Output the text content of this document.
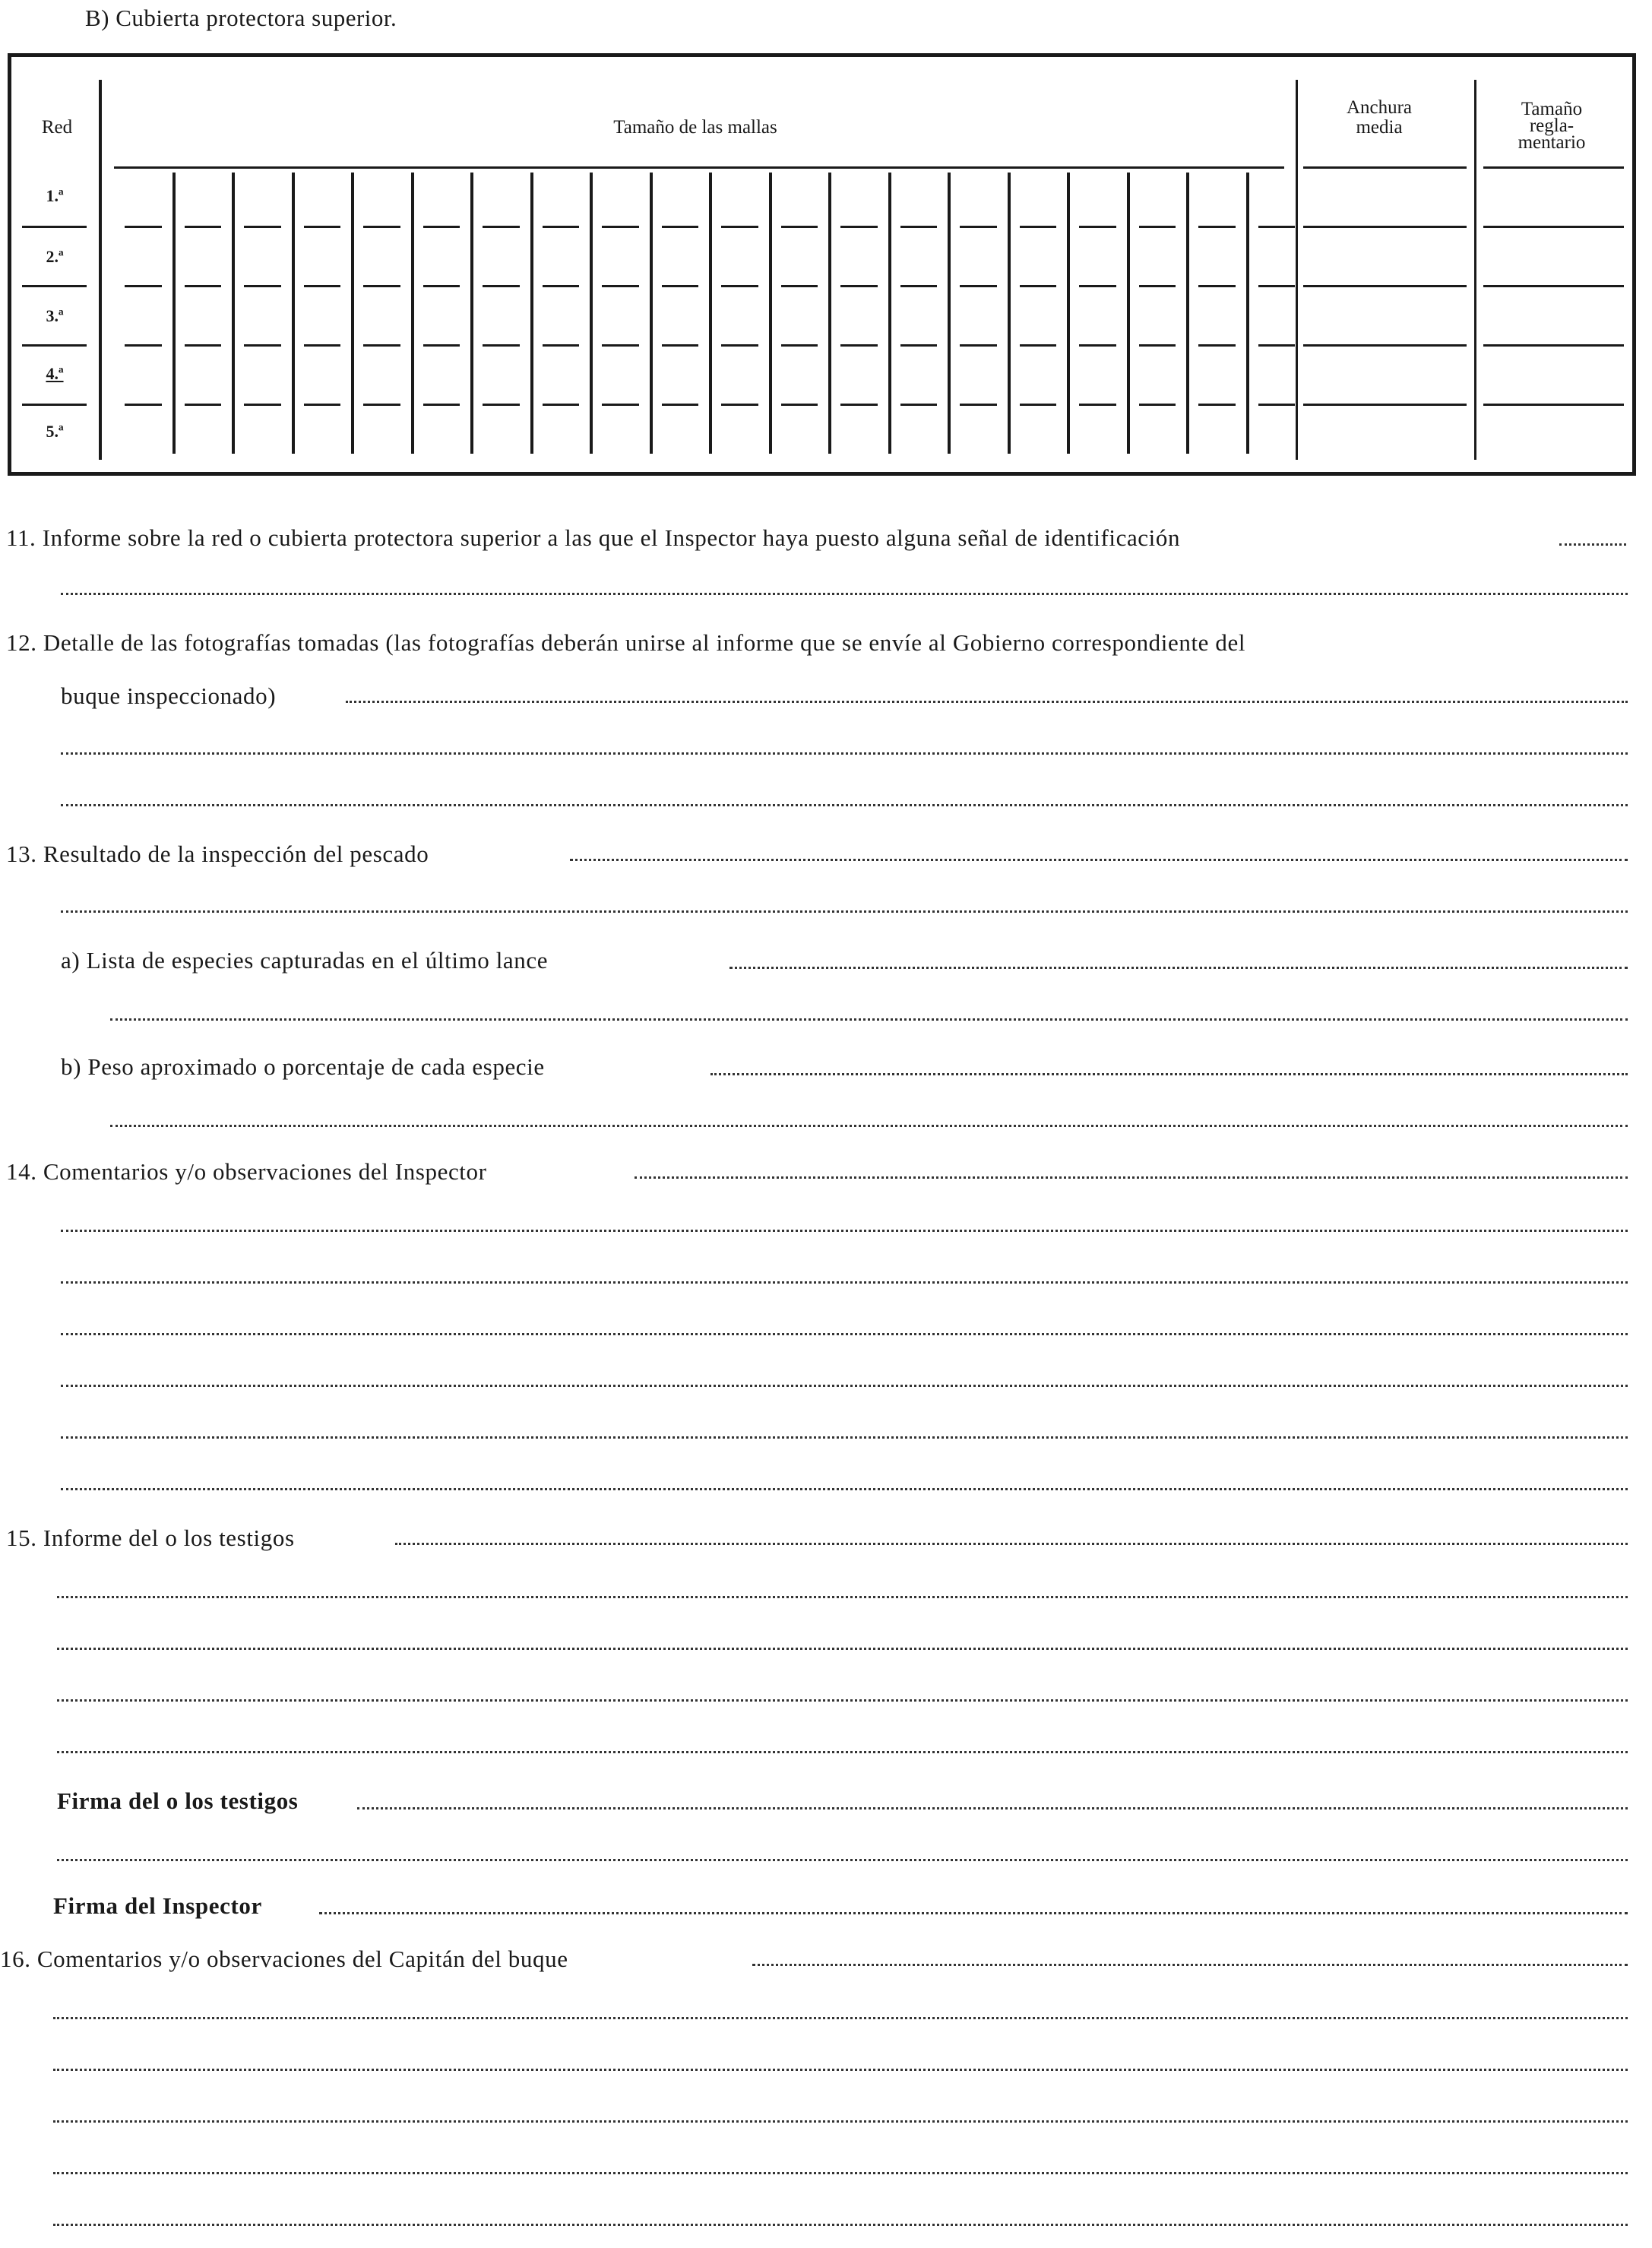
B) Cubierta protectora superior.
Red	Tamaño de las mallas
Anchura
media
Tamaño
regla-
mentario
1.ª
2.ª
3.ª
4.ª
5.ª
11. Informe sobre la red o cubierta protectora superior a las que el Inspector haya puesto alguna señal de identificación
12. Detalle de las fotografías tomadas (las fotografías deberán unirse al informe que se envíe al Gobierno correspondiente del
buque inspeccionado)
13. Resultado de la inspección del pescado
a) Lista de especies capturadas en el último lance
b) Peso aproximado o porcentaje de cada especie
14. Comentarios y/o observaciones del Inspector
15. Informe del o los testigos
Firma del o los testigos
Firma del Inspector
16. Comentarios y/o observaciones del Capitán del buque
